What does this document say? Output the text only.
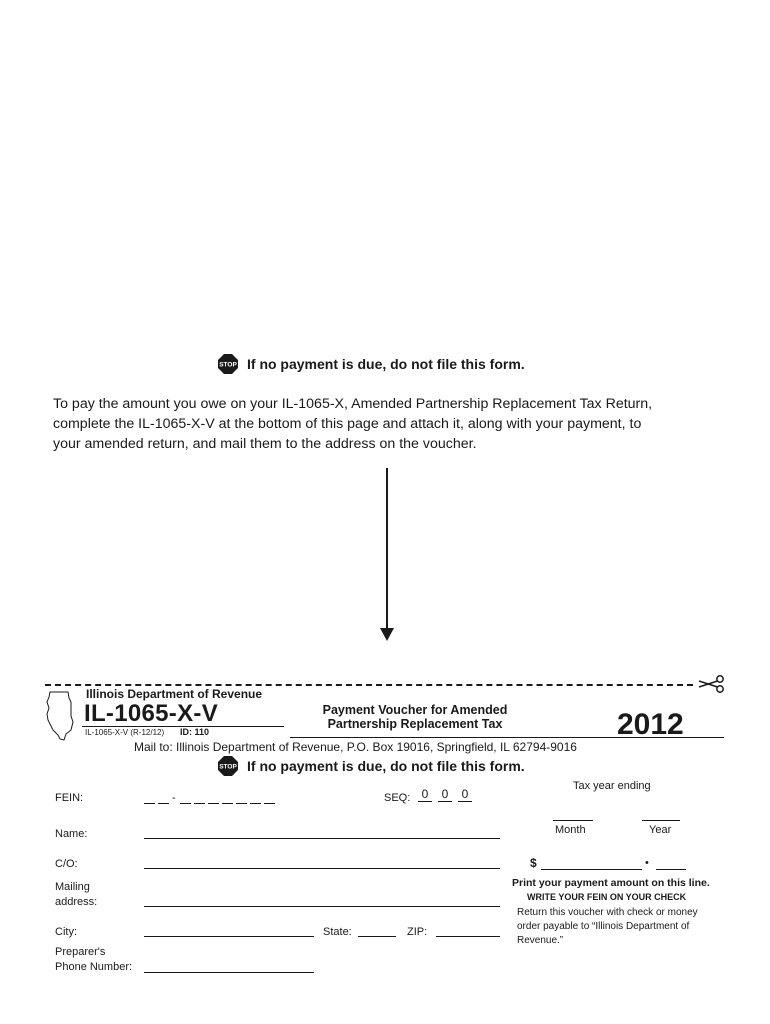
STOP If no payment is due, do not file this form.
To pay the amount you owe on your IL-1065-X, Amended Partnership Replacement Tax Return,
complete the IL-1065-X-V at the bottom of this page and attach it, along with your payment, to
your amended return, and mail them to the address on the voucher.
Illinois Department of Revenue
IL-1065-X-V
IL-1065-X-V (R-12/12) ID: 110
Payment Voucher for Amended
Partnership Replacement Tax	2012
Mail to: Illinois Department of Revenue, P.O. Box 19016, Springfield, IL 62794-9016
STOP If no payment is due, do not file this form.
FEIN:	-	SEQ: 0	0	0
Name:
C/O:
Mailing
address:
City:	State:	ZIP:
Preparer's
Phone Number:
Tax year ending
Month	Year
$	•
Print your payment amount on this line.
WRITE YOUR FEIN ON YOUR CHECK
Return this voucher with check or money
order payable to “Illinois Department of
Revenue.”
